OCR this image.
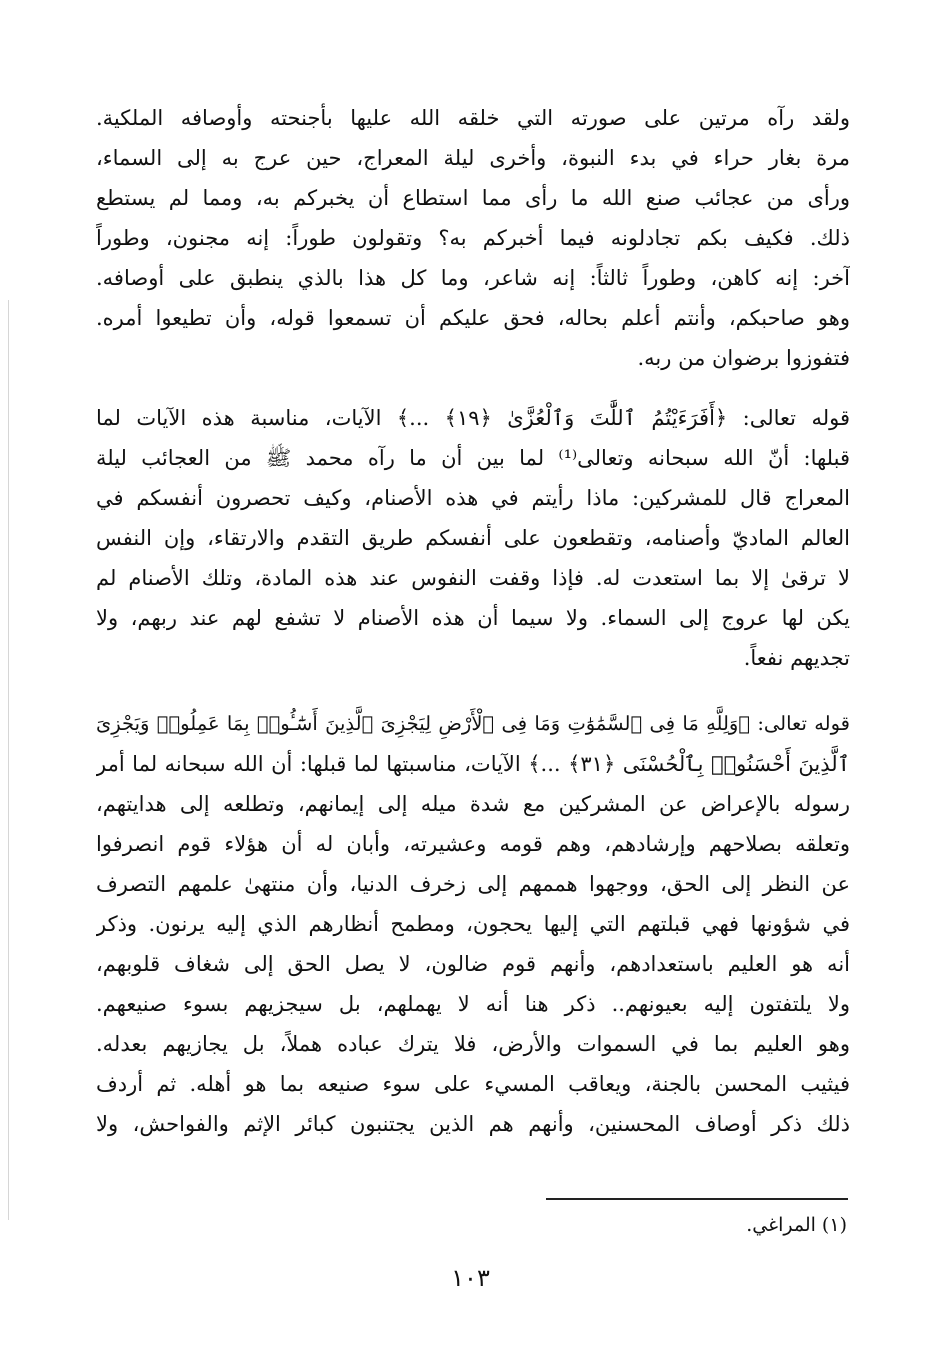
ولقد رآه مرتين على صورته التي خلقه الله عليها بأجنحته وأوصافه الملكية.
مرة بغار حراء في بدء النبوة، وأخرى ليلة المعراج، حين عرج به إلى السماء،
ورأى من عجائب صنع الله ما رأى مما استطاع أن يخبركم به، ومما لم يستطع
ذلك. فكيف بكم تجادلونه فيما أخبركم به؟ وتقولون طوراً: إنه مجنون، وطوراً
آخر: إنه كاهن، وطوراً ثالثاً: إنه شاعر، وما كل هذا بالذي ينطبق على أوصافه.
وهو صاحبكم، وأنتم أعلم بحاله، فحق عليكم أن تسمعوا قوله، وأن تطيعوا أمره.
فتفوزوا برضوان من ربه.
قوله تعالى: ﴿أَفَرَءَيْتُمُ ٱللَّٰتَ وَٱلْعُزَّىٰ ﴿١٩﴾ ...﴾ الآيات، مناسبة هذه الآيات لما
قبلها: أنّ الله سبحانه وتعالى⁽¹⁾ لما بين أن ما رآه محمد ﷺ من العجائب ليلة
المعراج قال للمشركين: ماذا رأيتم في هذه الأصنام، وكيف تحصرون أنفسكم في
العالم الماديّ وأصنامه، وتقطعون على أنفسكم طريق التقدم والارتقاء، وإن النفس
لا ترقىٰ إلا بما استعدت له. فإذا وقفت النفوس عند هذه المادة، وتلك الأصنام لم
يكن لها عروج إلى السماء. ولا سيما أن هذه الأصنام لا تشفع لهم عند ربهم، ولا
تجديهم نفعاً.
قوله تعالى: ﴿وَلِلَّهِ مَا فِى ٱلسَّمَٰوَٰتِ وَمَا فِى ٱلْأَرْضِ لِيَجْزِىَ ٱلَّذِينَ أَسَٰٓـُٔوا۟ بِمَا عَمِلُوا۟ وَيَجْزِىَ
ٱلَّذِينَ أَحْسَنُوا۟ بِٱلْحُسْنَى ﴿٣١﴾ ...﴾ الآيات، مناسبتها لما قبلها: أن الله سبحانه لما أمر
رسوله بالإعراض عن المشركين مع شدة ميله إلى إيمانهم، وتطلعه إلى هدايتهم،
وتعلقه بصلاحهم وإرشادهم، وهم قومه وعشيرته، وأبان له أن هؤلاء قوم انصرفوا
عن النظر إلى الحق، ووجهوا هممهم إلى زخرف الدنيا، وأن منتهىٰ علمهم التصرف
في شؤونها فهي قبلتهم التي إليها يحجون، ومطمح أنظارهم الذي إليه يرنون. وذكر
أنه هو العليم باستعدادهم، وأنهم قوم ضالون، لا يصل الحق إلى شغاف قلوبهم،
ولا يلتفتون إليه بعيونهم.. ذكر هنا أنه لا يهملهم، بل سيجزيهم بسوء صنيعهم.
وهو العليم بما في السموات والأرض، فلا يترك عباده هملاً، بل يجازيهم بعدله.
فيثيب المحسن بالجنة، ويعاقب المسيء على سوء صنيعه بما هو أهله. ثم أردف
ذلك ذكر أوصاف المحسنين، وأنهم هم الذين يجتنبون كبائر الإثم والفواحش، ولا
(١) المراغي.
١٠٣
